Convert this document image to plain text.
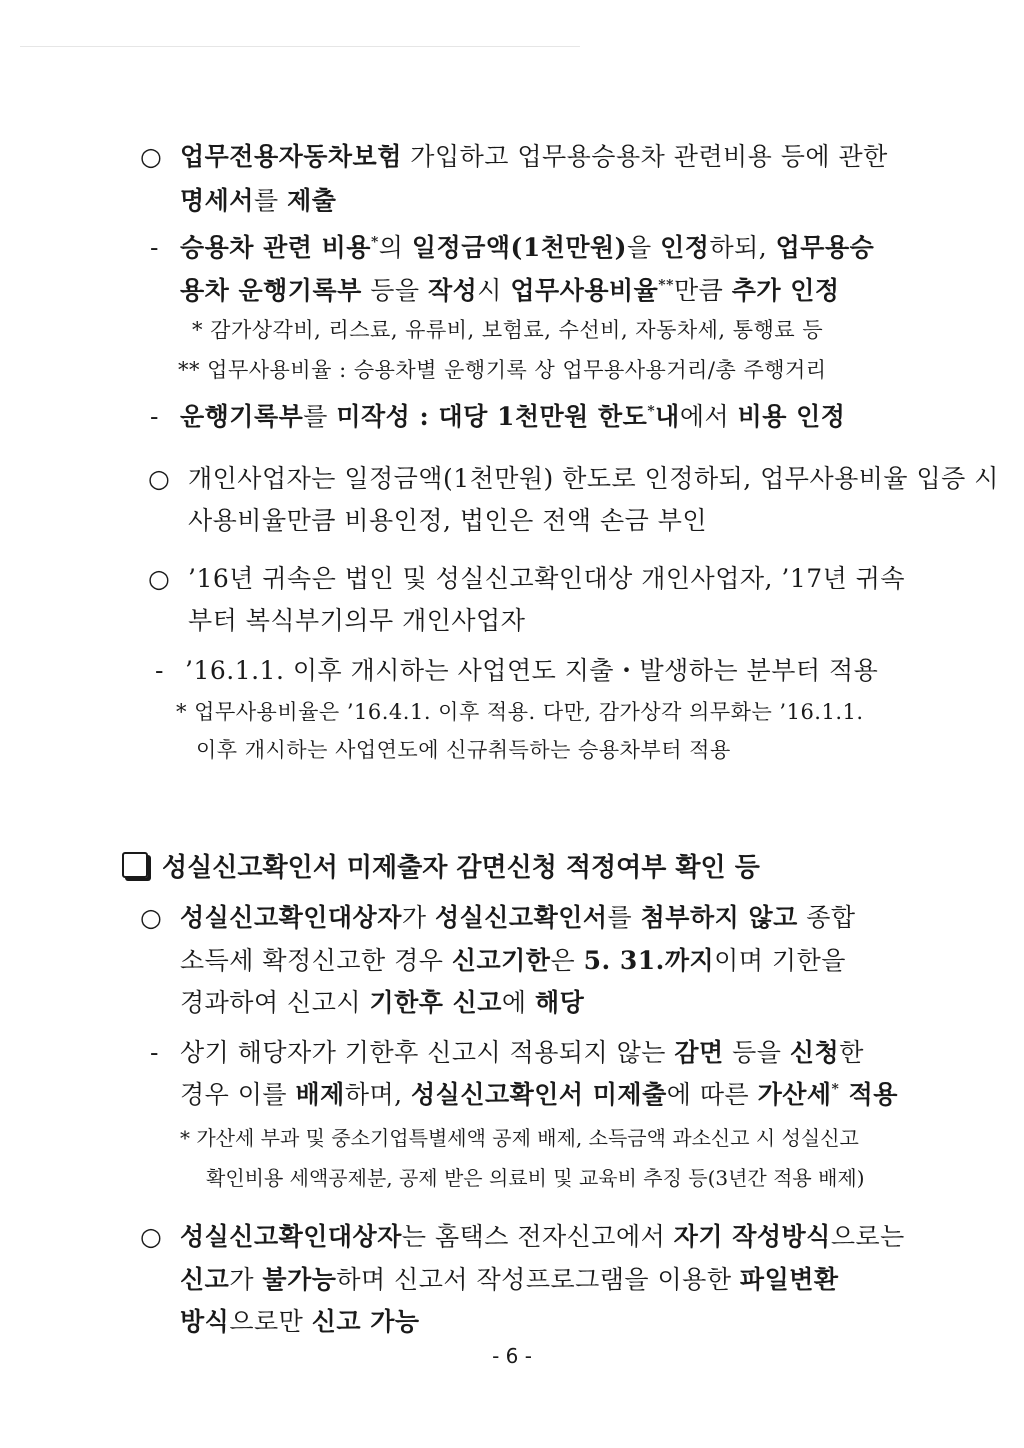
○ 업무전용자동차보험 가입하고 업무용승용차 관련비용 등에 관한
명세서를 제출
- 승용차 관련 비용*의 일정금액(1천만원)을 인정하되, 업무용승
용차 운행기록부 등을 작성시 업무사용비율**만큼 추가 인정
* 감가상각비, 리스료, 유류비, 보험료, 수선비, 자동차세, 통행료 등
** 업무사용비율 : 승용차별 운행기록 상 업무용사용거리/총 주행거리
- 운행기록부를 미작성 : 대당 1천만원 한도*내에서 비용 인정
○ 개인사업자는 일정금액(1천만원) 한도로 인정하되, 업무사용비율 입증 시
사용비율만큼 비용인정, 법인은 전액 손금 부인
○ ’16년 귀속은 법인 및 성실신고확인대상 개인사업자, ’17년 귀속
부터 복식부기의무 개인사업자
- ’16.1.1. 이후 개시하는 사업연도 지출・발생하는 분부터 적용
* 업무사용비율은 ’16.4.1. 이후 적용. 다만, 감가상각 의무화는 ’16.1.1.
이후 개시하는 사업연도에 신규취득하는 승용차부터 적용
성실신고확인서 미제출자 감면신청 적정여부 확인 등
○ 성실신고확인대상자가 성실신고확인서를 첨부하지 않고 종합
소득세 확정신고한 경우 신고기한은 5. 31.까지이며 기한을
경과하여 신고시 기한후 신고에 해당
- 상기 해당자가 기한후 신고시 적용되지 않는 감면 등을 신청한
경우 이를 배제하며, 성실신고확인서 미제출에 따른 가산세* 적용
* 가산세 부과 및 중소기업특별세액 공제 배제, 소득금액 과소신고 시 성실신고
확인비용 세액공제분, 공제 받은 의료비 및 교육비 추징 등(3년간 적용 배제)
○ 성실신고확인대상자는 홈택스 전자신고에서 자기 작성방식으로는
신고가 불가능하며 신고서 작성프로그램을 이용한 파일변환
방식으로만 신고 가능
- 6 -
